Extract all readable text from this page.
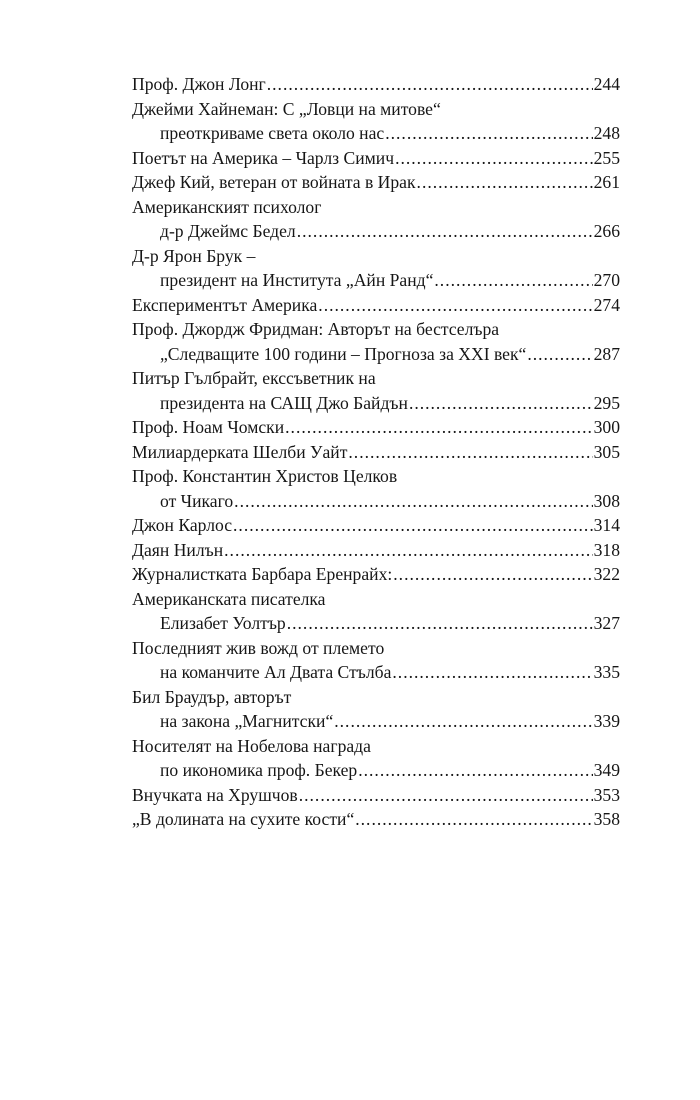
Проф. Джон Лонг .....	244
Джейми Хайнеман: С „Ловци на митове“
преоткриваме света около нас .....	248
Поетът на Америка – Чарлз Симич .....	255
Джеф Кий, ветеран от войната в Ирак .....	261
Американският психолог
д-р Джеймс Бедел .....	266
Д-р Ярон Брук –
президент на Института „Айн Ранд“ .....	270
Експериментът Америка .....	274
Проф. Джордж Фридман: Авторът на бестселъра
„Следващите 100 години – Прогноза за XXI век“ .....	287
Питър Гълбрайт, екссъветник на
президента на САЩ Джо Байдън .....	295
Проф. Ноам Чомски .....	300
Милиардерката Шелби Уайт .....	305
Проф. Константин Христов Целков
от Чикаго .....	308
Джон Карлос .....	314
Даян Нилън .....	318
Журналистката Барбара Еренрайх: .....	322
Американската писателка
Елизабет Уолтър .....	327
Последният жив вожд от племето
на команчите Ал Двата Стълба .....	335
Бил Браудър, авторът
на закона „Магнитски“ .....	339
Носителят на Нобелова награда
по икономика проф. Бекер .....	349
Внучката на Хрушчов .....	353
„В долината на сухите кости“ .....	358
